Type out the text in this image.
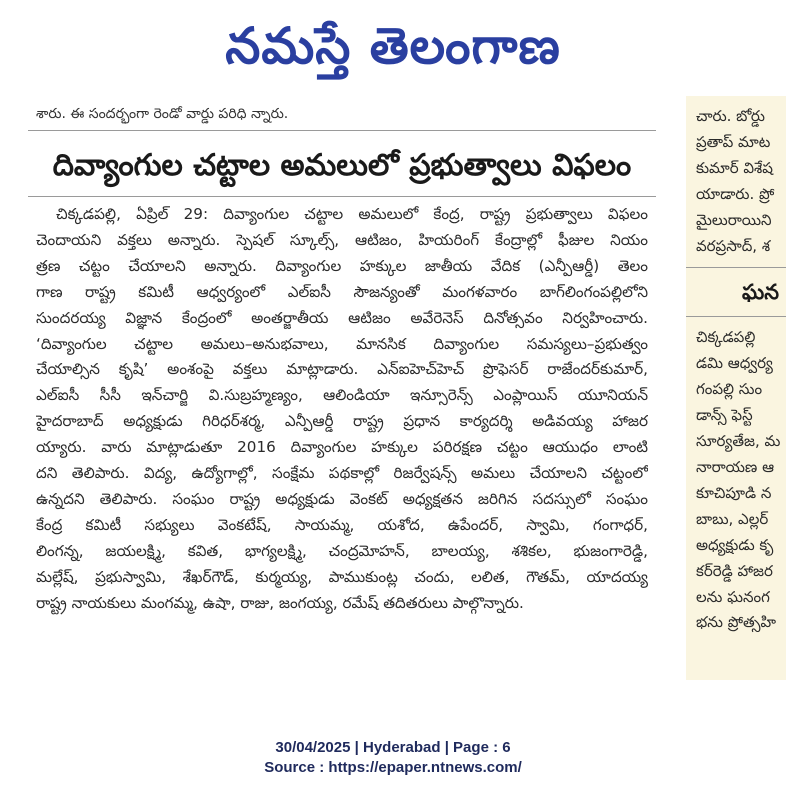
నమస్తే తెలంగాణ
శారు. ఈ సందర్భంగా రెండో వార్డు పరిధి న్నారు.
దివ్యాంగుల చట్టాల అమలులో ప్రభుత్వాలు విఫలం
చిక్కడపల్లి, ఏప్రిల్ 29: దివ్యాంగుల చట్టాల అమలులో కేంద్ర, రాష్ట్ర ప్రభుత్వాలు విఫలం
చెందాయని వక్తలు అన్నారు. స్పెషల్ స్కూల్స్, ఆటిజం, హియరింగ్ కేంద్రాల్లో ఫీజుల నియం
త్రణ చట్టం చేయాలని అన్నారు. దివ్యాంగుల హక్కుల జాతీయ వేదిక (ఎన్పీఆర్డీ) తెలం
గాణ రాష్ట్ర కమిటీ ఆధ్వర్యంలో ఎల్ఐసీ సౌజన్యంతో మంగళవారం బాగ్‌లింగంపల్లిలోని
సుందరయ్య విజ్ఞాన కేంద్రంలో అంతర్జాతీయ ఆటిజం అవేరెనెస్ దినోత్సవం నిర్వహించారు.
‘దివ్యాంగుల చట్టాల అమలు–అనుభవాలు, మానసిక దివ్యాంగుల సమస్యలు–ప్రభుత్వం
చేయాల్సిన కృషి’ అంశంపై వక్తలు మాట్లాడారు. ఎన్ఐహెచ్‌హెచ్ ప్రొఫెసర్ రాజేందర్‌కుమార్,
ఎల్ఐసీ సీసీ ఇన్‌చార్జి వి.సుబ్రహ్మణ్యం, ఆలిండియా ఇన్సూరెన్స్ ఎంప్లాయిస్ యూనియన్
హైదరాబాద్ అధ్యక్షుడు గిరిధర్‌శర్మ, ఎన్పీఆర్డీ రాష్ట్ర ప్రధాన కార్యదర్శి అడివయ్య హాజర
య్యారు. వారు మాట్లాడుతూ 2016 దివ్యాంగుల హక్కుల పరిరక్షణ చట్టం ఆయుధం లాంటి
దని తెలిపారు. విద్య, ఉద్యోగాల్లో, సంక్షేమ పథకాల్లో రిజర్వేషన్స్ అమలు చేయాలని చట్టంలో
ఉన్నదని తెలిపారు. సంఘం రాష్ట్ర అధ్యక్షుడు వెంకట్ అధ్యక్షతన జరిగిన సదస్సులో సంఘం
కేంద్ర కమిటీ సభ్యులు వెంకటేష్, సాయమ్మ, యశోద, ఉపేందర్, స్వామి, గంగాధర్,
లింగన్న, జయలక్ష్మి, కవిత, భాగ్యలక్ష్మి, చంద్రమోహన్, బాలయ్య, శశికల, భుజంగారెడ్డి,
మల్లేష్, ప్రభుస్వామి, శేఖర్‌గౌడ్, కుర్మయ్య, పాముకుంట్ల చందు, లలిత, గౌతమ్, యాదయ్య
రాష్ట్ర నాయకులు మంగమ్మ, ఉషా, రాజు, జంగయ్య, రమేష్ తదితరులు పాల్గొన్నారు.
చారు. బోర్డు
ప్రతాప్ మాట
కుమార్ విశేష
యాడారు. ప్రో
మైలురాయిని
వరప్రసాద్, శ
ఘన
చిక్కడపల్లి
డమి ఆధ్వర్య
గంపల్లి సుం
డాన్స్ ఫెస్ట్
సూర్యతేజ, మ
నారాయణ ఆ
కూచిపూడి న
బాబు, ఎల్లర్
అధ్యక్షుడు కృ
కర్‌రెడ్డి హాజర
లను ఘనంగ
భను ప్రోత్సహి
30/04/2025 | Hyderabad | Page : 6
Source : https://epaper.ntnews.com/
